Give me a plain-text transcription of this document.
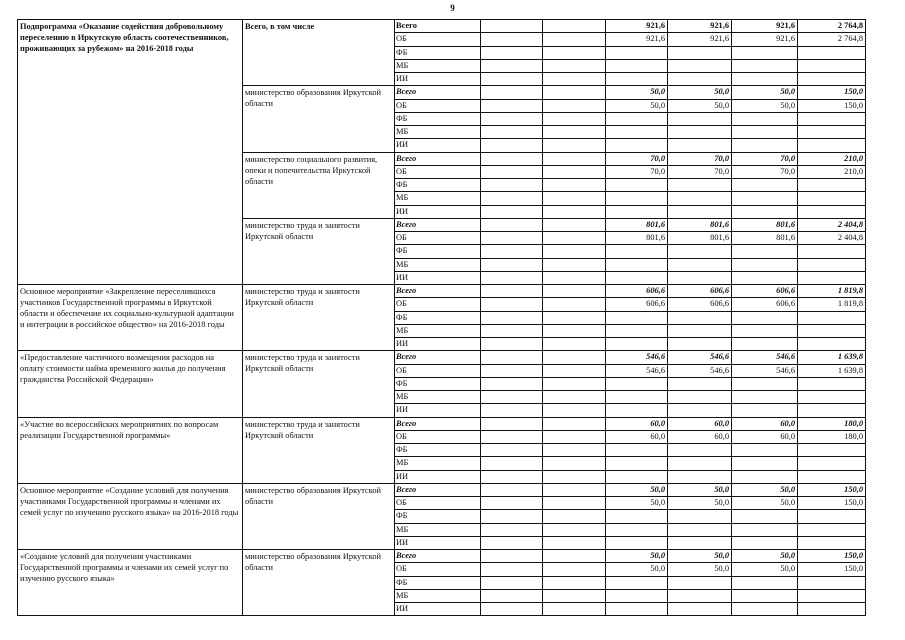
9
Подпрограмма «Оказание содействия добровольному переселению в Иркутскую область соотечественников, проживающих за рубежом» на 2016-2018 годы	Всего, в том числе	Всего			921,6	921,6	921,6	2 764,8
		ОБ			921,6	921,6	921,6	2 764,8
		ФБ						
		МБ						
		ИИ						
	министерство образования Иркутской области	Всего			50,0	50,0	50,0	150,0
		ОБ			50,0	50,0	50,0	150,0
		ФБ						
		МБ						
		ИИ						
	министерство социального развития, опеки и попечительства Иркутской области	Всего			70,0	70,0	70,0	210,0
		ОБ			70,0	70,0	70,0	210,0
		ФБ						
		МБ						
		ИИ						
	министерство труда и занятости Иркутской области	Всего			801,6	801,6	801,6	2 404,8
		ОБ			801,6	801,6	801,6	2 404,8
		ФБ						
		МБ						
		ИИ						
Основное мероприятие «Закрепление переселившихся участников Государственной программы в Иркутской области и обеспечение их социально-культурной адаптации и интеграции в российское общество» на 2016-2018 годы	министерство труда и занятости Иркутской области	Всего			606,6	606,6	606,6	1 819,8
		ОБ			606,6	606,6	606,6	1 819,8
		ФБ						
		МБ						
		ИИ						
«Предоставление частичного возмещения расходов на оплату стоимости найма временного жилья до получения гражданства Российской Федерации»	министерство труда и занятости Иркутской области	Всего			546,6	546,6	546,6	1 639,8
		ОБ			546,6	546,6	546,6	1 639,8
		ФБ						
		МБ						
		ИИ						
«Участие во всероссийских мероприятиях по вопросам реализации Государственной программы»	министерство труда и занятости Иркутской области	Всего			60,0	60,0	60,0	180,0
		ОБ			60,0	60,0	60,0	180,0
		ФБ						
		МБ						
		ИИ						
Основное мероприятие «Создание условий для получения участниками Государственной программы и членами их семей услуг по изучению русского языка» на 2016-2018 годы	министерство образования Иркутской области	Всего			50,0	50,0	50,0	150,0
		ОБ			50,0	50,0	50,0	150,0
		ФБ						
		МБ						
		ИИ						
«Создание условий для получения участниками Государственной программы и членами их семей услуг по изучению русского языка»	министерство образования Иркутской области	Всего			50,0	50,0	50,0	150,0
		ОБ			50,0	50,0	50,0	150,0
		ФБ						
		МБ						
		ИИ						
